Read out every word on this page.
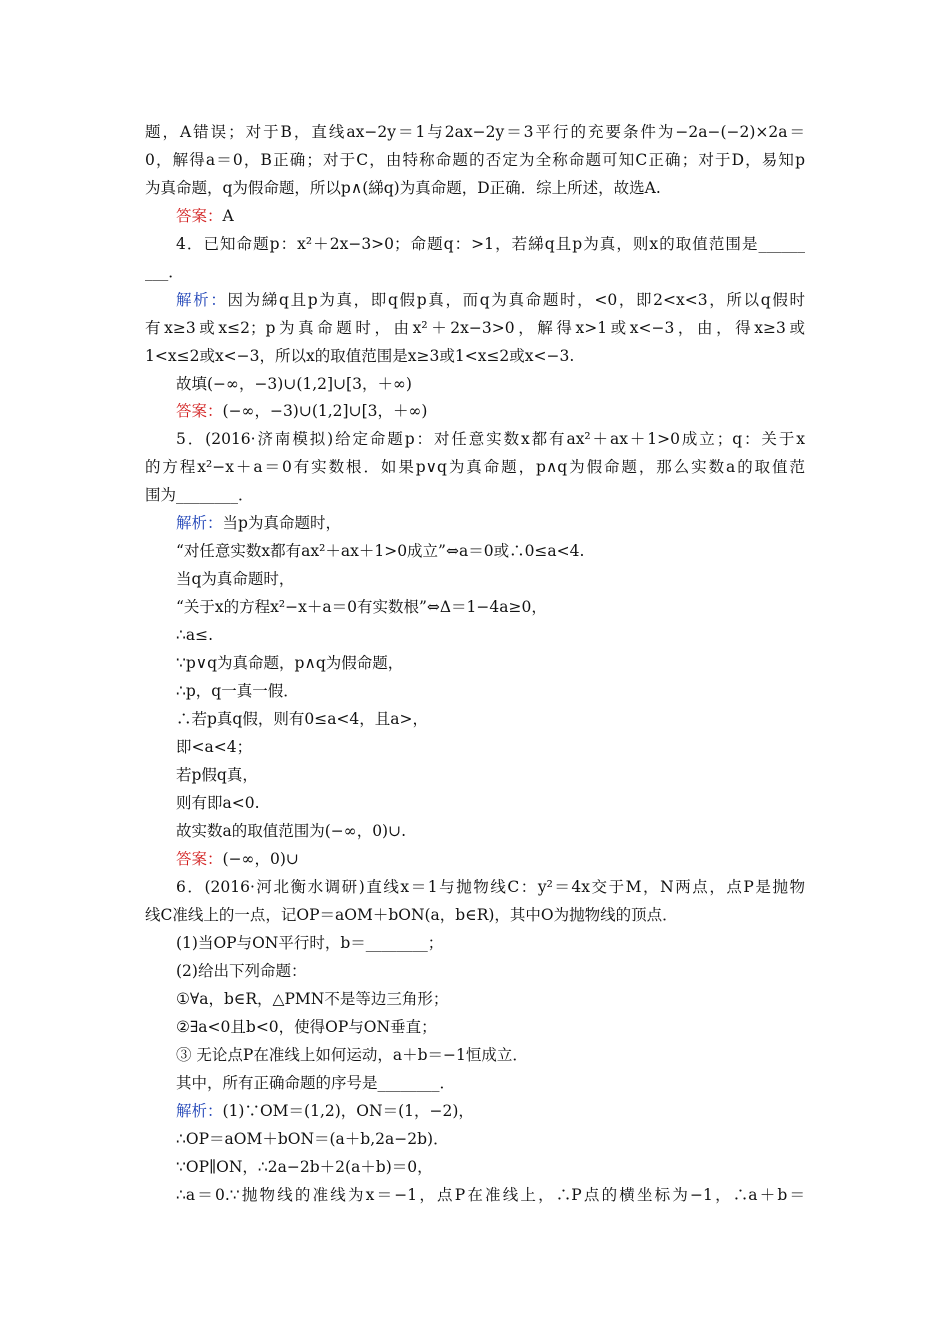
题，A错误；对于B，直线ax−2y＝1与2ax−2y＝3平行的充要条件为−2a−(−2)×2a＝
0，解得a＝0，B正确；对于C，由特称命题的否定为全称命题可知C正确；对于D，易知p
为真命题，q为假命题，所以p∧(綈q)为真命题，D正确．综上所述，故选A.
答案：A
4．已知命题p：x²＋2x−3>0；命题q：>1，若綈q且p为真，则x的取值范围是______
___．
解析：因为綈q且p为真，即q假p真，而q为真命题时，<0，即2<x<3，所以q假时
有x≥3或x≤2；p为真命题时，由x²＋2x−3>0，解得x>1或x<−3，由，得x≥3或
1<x≤2或x<−3，所以x的取值范围是x≥3或1<x≤2或x<−3.
故填(−∞，−3)∪(1,2]∪[3，＋∞)
答案：(−∞，−3)∪(1,2]∪[3，＋∞)
5．(2016·济南模拟)给定命题p：对任意实数x都有ax²＋ax＋1>0成立；q：关于x
的方程x²−x＋a＝0有实数根．如果p∨q为真命题，p∧q为假命题，那么实数a的取值范
围为________．
解析：当p为真命题时，
“对任意实数x都有ax²＋ax＋1>0成立”⇔a＝0或∴0≤a<4.
当q为真命题时，
“关于x的方程x²−x＋a＝0有实数根”⇔Δ＝1−4a≥0，
∴a≤.
∵p∨q为真命题，p∧q为假命题，
∴p，q一真一假．
∴若p真q假，则有0≤a<4，且a>，
即<a<4；
若p假q真，
则有即a<0.
故实数a的取值范围为(−∞，0)∪.
答案：(−∞，0)∪
6．(2016·河北衡水调研)直线x＝1与抛物线C：y²＝4x交于M，N两点，点P是抛物
线C准线上的一点，记OP＝aOM＋bON(a，b∈R)，其中O为抛物线的顶点．
(1)当OP与ON平行时，b＝________；
(2)给出下列命题：
①∀a，b∈R，△PMN不是等边三角形；
②∃a<0且b<0，使得OP与ON垂直；
③ 无论点P在准线上如何运动，a＋b＝−1恒成立．
其中，所有正确命题的序号是________．
解析：(1)∵OM＝(1,2)，ON＝(1，−2)，
∴OP＝aOM＋bON＝(a＋b,2a−2b)．
∵OP∥ON，∴2a−2b＋2(a＋b)＝0，
∴a＝0.∵抛物线的准线为x＝−1，点P在准线上，∴P点的横坐标为−1，∴a＋b＝
